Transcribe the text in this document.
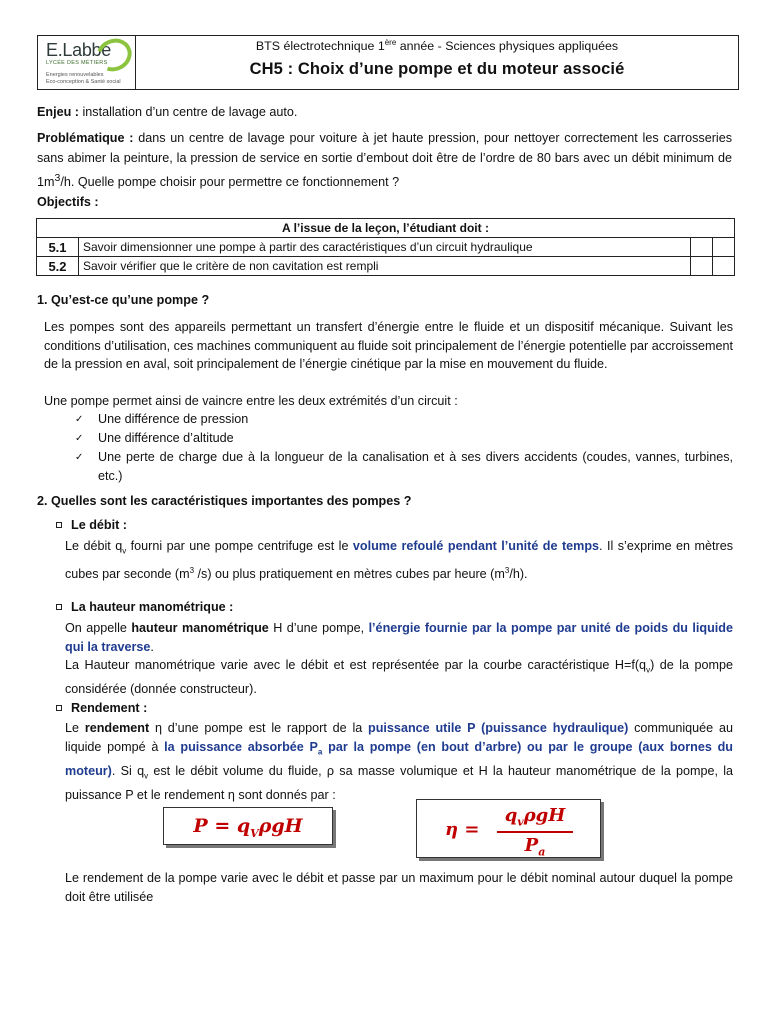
E.Labbé
LYCÉE DES MÉTIERS
Energies renouvelables
Eco-conception & Santé social
BTS électrotechnique 1ère année - Sciences physiques appliquées
CH5 : Choix d’une pompe et du moteur associé
Enjeu : installation d’un centre de lavage auto.
Problématique : dans un centre de lavage pour voiture à jet haute pression, pour nettoyer correctement les carrosseries sans abimer la peinture, la pression de service en sortie d’embout doit être de l’ordre de 80 bars avec un débit minimum de $1m^3/h$. Quelle pompe choisir pour permettre ce fonctionnement ?
Objectifs :
A l’issue de la leçon, l’étudiant doit :			
5.1	Savoir dimensionner une pompe à partir des caractéristiques d’un circuit hydraulique		
5.2	Savoir vérifier que le critère de non cavitation est rempli		
1. Qu’est-ce qu’une pompe ?
Les pompes sont des appareils permettant un transfert d’énergie entre le fluide et un dispositif mécanique. Suivant les conditions d’utilisation, ces machines communiquent au fluide soit principalement de l’énergie potentielle par accroissement de la pression en aval, soit principalement de l’énergie cinétique par la mise en mouvement du fluide.
Une pompe permet ainsi de vaincre entre les deux extrémités d’un circuit :
✓ Une différence de pression
✓ Une différence d’altitude
✓ Une perte de charge due à la longueur de la canalisation et à ses divers accidents (coudes, vannes, turbines, etc.)
2. Quelles sont les caractéristiques importantes des pompes ?
Le débit :
Le débit $q_v$ fourni par une pompe centrifuge est le volume refoulé pendant l’unité de temps. Il s’exprime en mètres cubes par seconde ($m^3$ /s) ou plus pratiquement en mètres cubes par heure $(m^3/h)$.
La hauteur manométrique :
On appelle hauteur manométrique H d’une pompe, l’énergie fournie par la pompe par unité de poids du liquide qui la traverse.
La Hauteur manométrique varie avec le débit et est représentée par la courbe caractéristique $H=f(q_v)$ de la pompe considérée (donnée constructeur).
Rendement :
Le rendement η d’une pompe est le rapport de la puissance utile P (puissance hydraulique) communiquée au liquide pompé à la puissance absorbée $P_a$ par la pompe (en bout d’arbre) ou par le groupe (aux bornes du moteur). Si $q_v$ est le débit volume du fluide, ρ sa masse volumique et H la hauteur manométrique de la pompe, la puissance P et le rendement η sont donnés par :
$P = q_V\rho gH$	η =
$q_v\rho gH$
$P_a$
Le rendement de la pompe varie avec le débit et passe par un maximum pour le débit nominal autour duquel la pompe doit être utilisée
